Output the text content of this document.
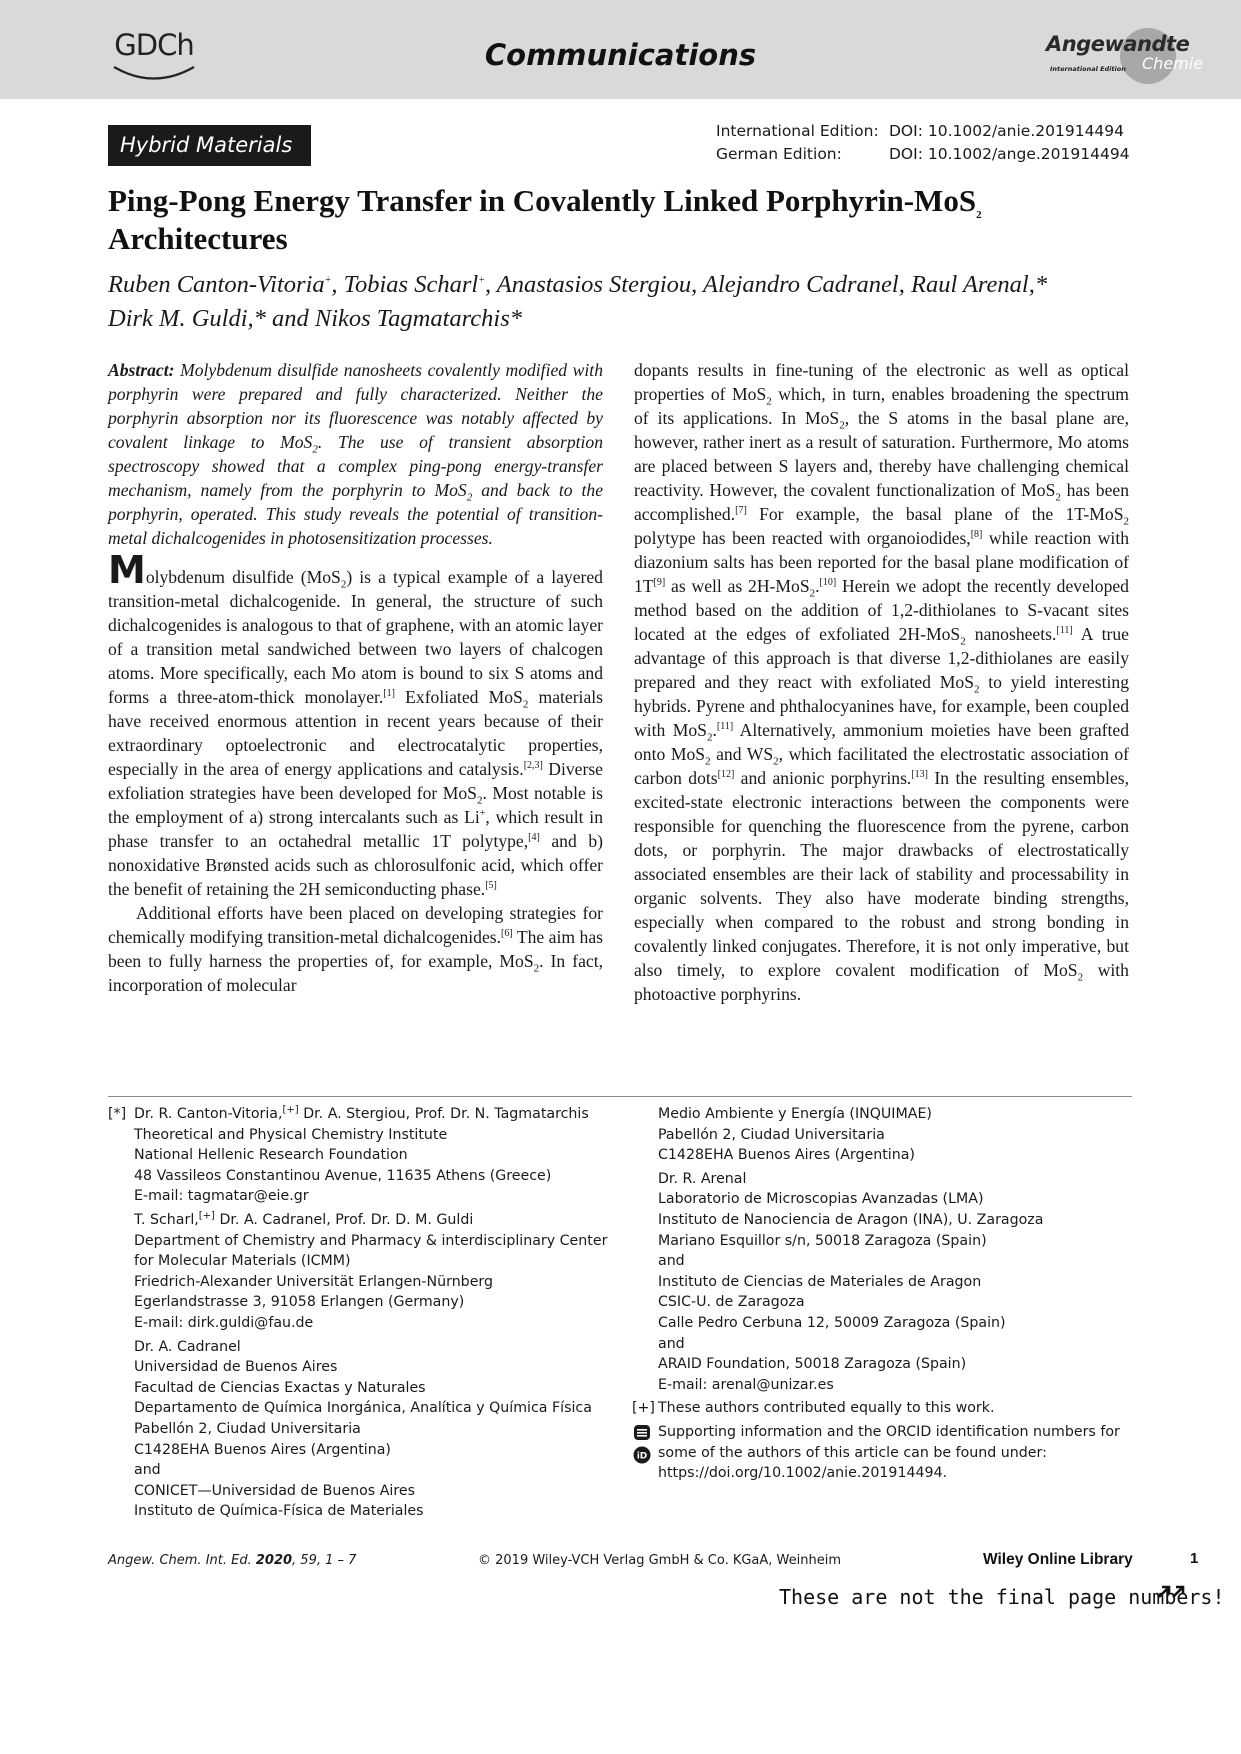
GDCh	Communications	Angewandte
International Edition Chemie
Hybrid Materials
International Edition: DOI: 10.1002/anie.201914494
German Edition:	DOI: 10.1002/ange.201914494
Ping-Pong Energy Transfer in Covalently Linked Porphyrin-MoS$_2$
Architectures
Ruben Canton-Vitoria+, Tobias Scharl+, Anastasios Stergiou, Alejandro Cadranel, Raul Arenal,*
Dirk M. Guldi,* and Nikos Tagmatarchis*

Abstract: Molybdenum disulfide nanosheets covalently modified with porphyrin were prepared and fully characterized. Neither the porphyrin absorption nor its fluorescence was notably affected by covalent linkage to MoS$_2$. The use of transient absorption spectroscopy showed that a complex ping-pong energy-transfer mechanism, namely from the porphyrin to MoS$_2$ and back to the porphyrin, operated. This study reveals the potential of transition-metal dichalcogenides in photosensitization processes.

Molybdenum disulfide (MoS$_2$) is a typical example of a layered transition-metal dichalcogenide. In general, the structure of such dichalcogenides is analogous to that of graphene, with an atomic layer of a transition metal sandwiched between two layers of chalcogen atoms. More specifically, each Mo atom is bound to six S atoms and forms a three-atom-thick monolayer.[1] Exfoliated MoS$_2$ materials have received enormous attention in recent years because of their extraordinary optoelectronic and electrocatalytic properties, especially in the area of energy applications and catalysis.[2,3] Diverse exfoliation strategies have been developed for MoS$_2$. Most notable is the employment of a) strong intercalants such as Li+, which result in phase transfer to an octahedral metallic 1T polytype,[4] and b) nonoxidative Brønsted acids such as chlorosulfonic acid, which offer the benefit of retaining the 2H semiconducting phase.[5]

Additional efforts have been placed on developing strategies for chemically modifying transition-metal dichalcogenides.[6] The aim has been to fully harness the properties of, for example, MoS$_2$. In fact, incorporation of molecular

dopants results in fine-tuning of the electronic as well as optical properties of MoS$_2$ which, in turn, enables broadening the spectrum of its applications. In MoS$_2$, the S atoms in the basal plane are, however, rather inert as a result of saturation. Furthermore, Mo atoms are placed between S layers and, thereby have challenging chemical reactivity. However, the covalent functionalization of MoS$_2$ has been accomplished.[7] For example, the basal plane of the 1T-MoS$_2$ polytype has been reacted with organoiodides,[8] while reaction with diazonium salts has been reported for the basal plane modification of 1T[9] as well as 2H-MoS$_2$.[10] Herein we adopt the recently developed method based on the addition of 1,2-dithiolanes to S-vacant sites located at the edges of exfoliated 2H-MoS$_2$ nanosheets.[11] A true advantage of this approach is that diverse 1,2-dithiolanes are easily prepared and they react with exfoliated MoS$_2$ to yield interesting hybrids. Pyrene and phthalocyanines have, for example, been coupled with MoS$_2$.[11] Alternatively, ammonium moieties have been grafted onto MoS$_2$ and $WS_2$, which facilitated the electrostatic association of carbon dots[12] and anionic porphyrins.[13] In the resulting ensembles, excited-state electronic interactions between the components were responsible for quenching the fluorescence from the pyrene, carbon dots, or porphyrin. The major drawbacks of electrostatically associated ensembles are their lack of stability and processability in organic solvents. They also have moderate binding strengths, especially when compared to the robust and strong bonding in covalently linked conjugates. Therefore, it is not only imperative, but also timely, to explore covalent modification of MoS$_2$ with photoactive porphyrins.

[*] Dr. R. Canton-Vitoria,[+] Dr. A. Stergiou, Prof. Dr. N. Tagmatarchis
Theoretical and Physical Chemistry Institute
National Hellenic Research Foundation
48 Vassileos Constantinou Avenue, 11635 Athens (Greece)
E-mail: tagmatar@eie.gr
T. Scharl,[+] Dr. A. Cadranel, Prof. Dr. D. M. Guldi
Department of Chemistry and Pharmacy & interdisciplinary Center
for Molecular Materials (ICMM)
Friedrich-Alexander Universität Erlangen-Nürnberg
Egerlandstrasse 3, 91058 Erlangen (Germany)
E-mail: dirk.guldi@fau.de
Dr. A. Cadranel
Universidad de Buenos Aires
Facultad de Ciencias Exactas y Naturales
Departamento de Química Inorgánica, Analítica y Química Física
Pabellón 2, Ciudad Universitaria
C1428EHA Buenos Aires (Argentina)
and
CONICET—Universidad de Buenos Aires
Instituto de Química-Física de Materiales
Medio Ambiente y Energía (INQUIMAE)
Pabellón 2, Ciudad Universitaria
C1428EHA Buenos Aires (Argentina)
Dr. R. Arenal
Laboratorio de Microscopias Avanzadas (LMA)
Instituto de Nanociencia de Aragon (INA), U. Zaragoza
Mariano Esquillor s/n, 50018 Zaragoza (Spain)
and
Instituto de Ciencias de Materiales de Aragon
CSIC-U. de Zaragoza
Calle Pedro Cerbuna 12, 50009 Zaragoza (Spain)
and
ARAID Foundation, 50018 Zaragoza (Spain)
E-mail: arenal@unizar.es
[+] These authors contributed equally to this work.
iD
Supporting information and the ORCID identification numbers for
some of the authors of this article can be found under:
https://doi.org/10.1002/anie.201914494.
Angew. Chem. Int. Ed. 2020, 59, 1 – 7	© 2019 Wiley-VCH Verlag GmbH & Co. KGaA, Weinheim	Wiley Online Library	1
These are not the final page numbers!
